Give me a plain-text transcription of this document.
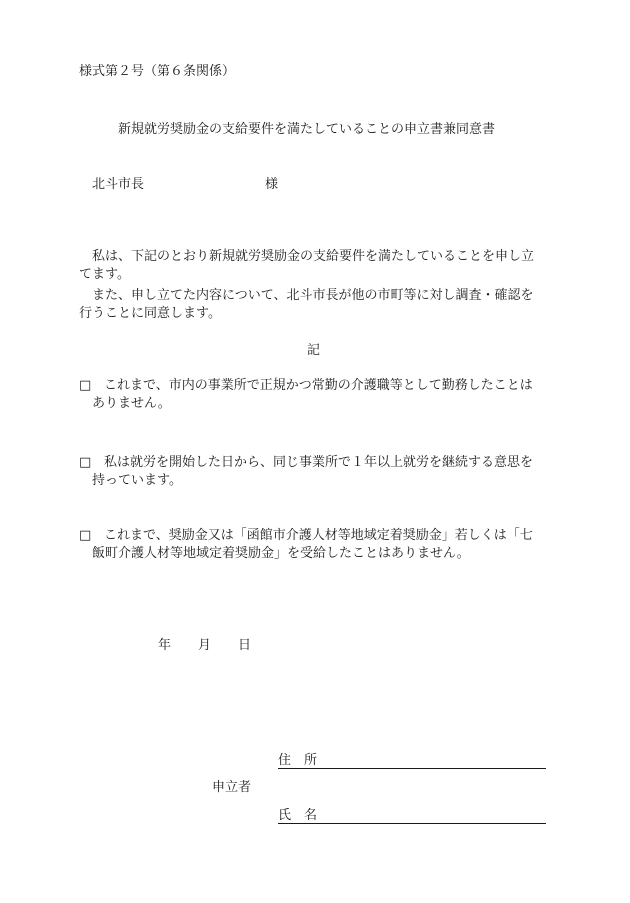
様式第２号（第６条関係）
新規就労奨励金の支給要件を満たしていることの申立書兼同意書
北斗市長	様
私は、下記のとおり新規就労奨励金の支給要件を満たしていることを申し立
てます。
また、申し立てた内容について、北斗市長が他の市町等に対し調査・確認を
行うことに同意します。
記
□ これまで、市内の事業所で正規かつ常勤の介護職等として勤務したことは
ありません。
□ 私は就労を開始した日から、同じ事業所で１年以上就労を継続する意思を
持っています。
□ これまで、奨励金又は「函館市介護人材等地域定着奨励金」若しくは「七
飯町介護人材等地域定着奨励金」を受給したことはありません。
年 月 日
住　所
申立者
氏　名
